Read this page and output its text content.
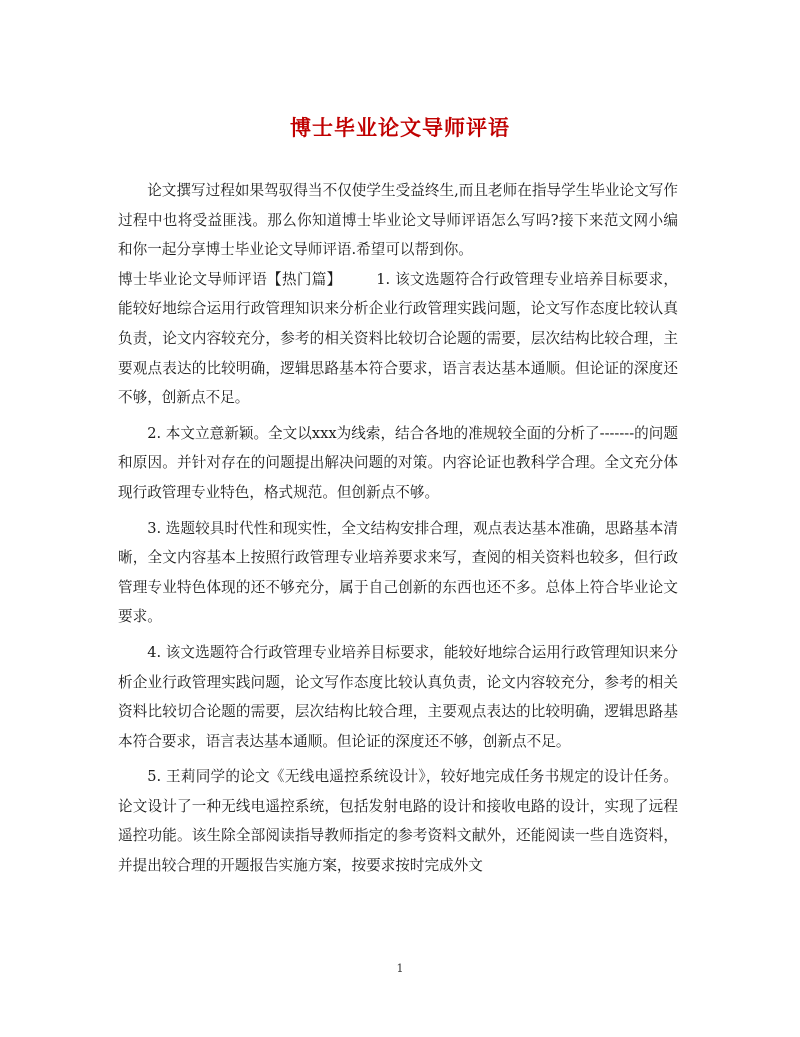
博士毕业论文导师评语

论文撰写过程如果驾驭得当不仅使学生受益终生,而且老师在指导学生毕业论文写作过程中也将受益匪浅。那么你知道博士毕业论文导师评语怎么写吗?接下来范文网小编和你一起分享博士毕业论文导师评语.希望可以帮到你。

博士毕业论文导师评语【热门篇】 1. 该文选题符合行政管理专业培养目标要求，能较好地综合运用行政管理知识来分析企业行政管理实践问题，论文写作态度比较认真负责，论文内容较充分，参考的相关资料比较切合论题的需要，层次结构比较合理，主要观点表达的比较明确，逻辑思路基本符合要求，语言表达基本通顺。但论证的深度还不够，创新点不足。

2. 本文立意新颖。全文以xxx为线索，结合各地的准规较全面的分析了-------的问题和原因。并针对存在的问题提出解决问题的对策。内容论证也教科学合理。全文充分体现行政管理专业特色，格式规范。但创新点不够。

3. 选题较具时代性和现实性，全文结构安排合理，观点表达基本准确，思路基本清晰，全文内容基本上按照行政管理专业培养要求来写，查阅的相关资料也较多，但行政管理专业特色体现的还不够充分，属于自己创新的东西也还不多。总体上符合毕业论文要求。

4. 该文选题符合行政管理专业培养目标要求，能较好地综合运用行政管理知识来分析企业行政管理实践问题，论文写作态度比较认真负责，论文内容较充分，参考的相关资料比较切合论题的需要，层次结构比较合理，主要观点表达的比较明确，逻辑思路基本符合要求，语言表达基本通顺。但论证的深度还不够，创新点不足。

5. 王莉同学的论文《无线电遥控系统设计》，较好地完成任务书规定的设计任务。论文设计了一种无线电遥控系统，包括发射电路的设计和接收电路的设计，实现了远程遥控功能。该生除全部阅读指导教师指定的参考资料文献外，还能阅读一些自选资料，并提出较合理的开题报告实施方案，按要求按时完成外文

1
